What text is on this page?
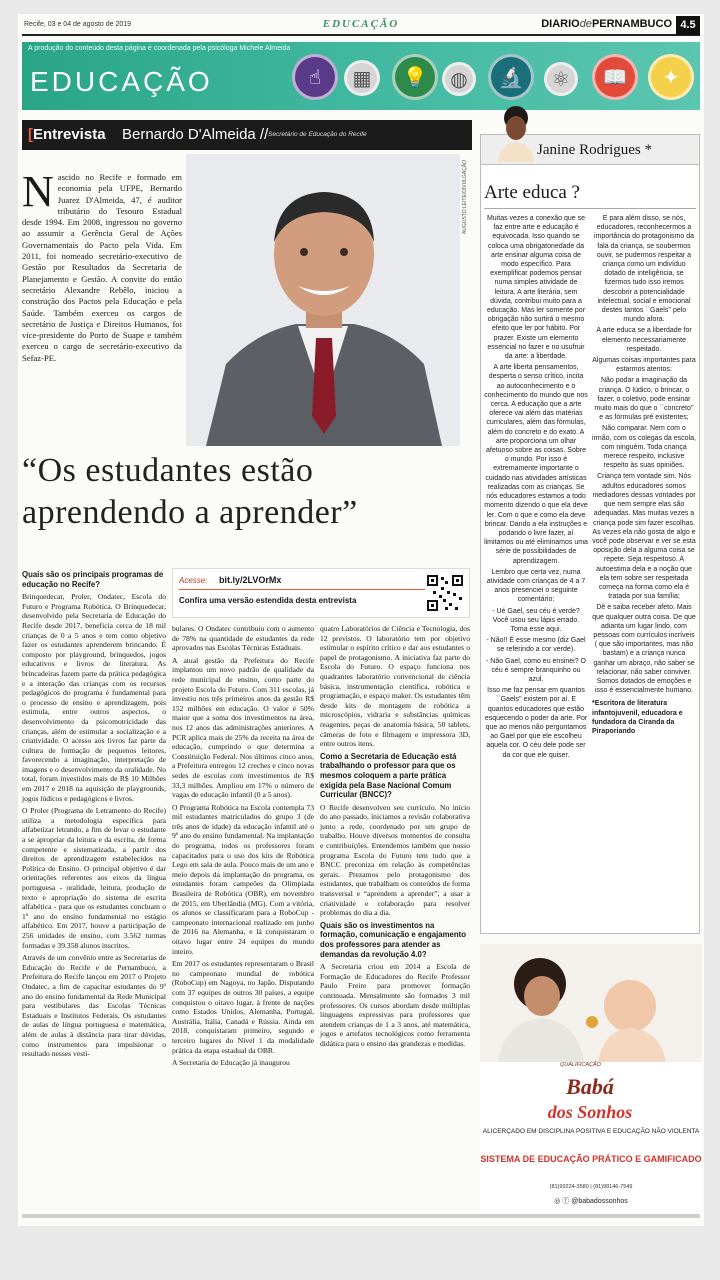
Recife, 03 e 04 de agosto de 2019	EDUCAÇÃO	DIARIOdePERNAMBUCO 4.5
A produção do conteúdo desta página é coordenada pela psicóloga Michele Almeida
EDUCAÇÃO	☝	▦	💡	◍	🔬	⚛	📖	✦
[Entrevista Bernardo D'Almeida // Secretário de Educação do Recife
Nascido no Recife e formado em economia pela UFPE, Bernardo Juarez D'Almeida, 47, é auditor tributário do Tesouro Estadual desde 1994. Em 2008, ingressou no governo ao assumir a Gerência Geral de Ações Governamentais do Pacto pela Vida. Em 2011, foi nomeado secretário-executivo de Gestão por Resultados da Secretaria de Planejamento e Gestão. A convite do então secretário Alexandre Rebêlo, iniciou a construção dos Pactos pela Educação e pela Saúde. Também exerceu os cargos de secretário de Justiça e Direitos Humanos, foi vice-presidente do Porto de Suape e também exerceu o cargo de secretário-executivo da Sefaz-PE.
AUGUSTO LEITE/DIVULGAÇÃO
“Os estudantes estão aprendendo a aprender”
Acesse: bit.ly/2LVOrMx
Confira uma versão estendida desta entrevista

Quais são os principais programas de educação no Recife?

Brinquedecar, Proler, Ondatec, Escola do Futuro e Programa Robótica. O Brinquedecar, desenvolvido pela Secretaria de Educação do Recife desde 2017, beneficia cerca de 18 mil crianças de 0 a 5 anos e tem como objetivo fazer os estudantes aprenderem brincando. É composto por playground, brinquedos, jogos educativos e livros de literatura. As brincadeiras fazem parte da prática pedagógica e a interação das crianças com os recursos pedagógicos do programa é fundamental para o processo de ensino e aprendizagem, pois estimula, entre outros aspectos, o desenvolvimento da psicomotricidade das crianças, além de estimular a socialização e a criatividade. O acesso aos livros faz parte da cultura de formação de pequenos leitores, favorecendo a imaginação, interpretação de imagens e o desenvolvimento da oralidade. No total, foram investidos mais de R$ 10 Milhões em 2017 e 2018 na aquisição de playgrounds, jogos lúdicos e pedagógicos e livros.

O Proler (Programa de Letramento do Recife) utiliza a metodologia específica para alfabetizar letrando, a fim de levar o estudante a se apropriar da leitura e da escrita, de forma competente e sistematizada, a partir dos direitos de aprendizagem estabelecidos na Política de Ensino. O principal objetivo é dar orientações referentes aos eixos da língua portuguesa - oralidade, leitura, produção de texto e apropriação do sistema de escrita alfabética - para que os estudantes concluam o 1º ano do ensino fundamental no estágio alfabético. Em 2017, houve a participação de 256 unidades de ensino, com 3.562 turmas formadas e 39.358 alunos inscritos.

Através de um convênio entre as Secretarias de Educação do Recife e de Pernambuco, a Prefeitura do Recife lançou em 2017 o Projeto Ondatec, a fim de capacitar estudantes do 9º ano do ensino fundamental da Rede Municipal para vestibulares das Escolas Técnicas Estaduais e Institutos Federais. Os estudantes de aulas de língua portuguesa e matemática, além de aulas à distância para tirar dúvidas, como instrumentos para impulsionar o resultado nesses vesti-

bulares. O Ondatec contribuiu com o aumento de 78% na quantidade de estudantes da rede aprovados nas Escolas Técnicas Estaduais.

A atual gestão da Prefeitura do Recife implantou um novo padrão de qualidade da rede municipal de ensino, como parte do projeto Escola do Futuro. Com 311 escolas, já investiu nos três primeiros anos da gestão R$ 152 milhões em educação. O valor é 50% maior que a soma dos investimentos na área, nos 12 anos das administrações anteriores. A PCR aplica mais de 25% da receita na área de educação, cumprindo o que determina a Constituição Federal. Nos últimos cinco anos, a Prefeitura entregou 12 creches e cinco novas sedes de escolas com investimentos de R$ 33,3 milhões. Ampliou em 17% o número de vagas de educação infantil (0 a 5 anos).

O Programa Robótica na Escola contempla 73 mil estudantes matriculados do grupo 3 (de três anos de idade) da educação infantil até o 9º ano do ensino fundamental. Na implantação do programa, todos os professores foram capacitados para o uso dos kits de Robótica Lego em sala de aula. Pouco mais de um ano e meio depois da implantação do programa, os estudantes foram campeões da Olimpíada Brasileira de Robótica (OBR), em novembro de 2015, em Uberlândia (MG). Com a vitória, os alunos se classificaram para a RoboCup - campeonato internacional realizado em junho de 2016 na Alemanha, e lá conquistaram o oitavo lugar entre 24 equipes do mundo inteiro.

Em 2017 os estudantes representaram o Brasil no campeonato mundial de robótica (RoboCup) em Nagoya, no Japão. Disputando com 37 equipes de outros 30 países, a equipe conquistou o oitavo lugar, à frente de nações como Estados Unidos, Alemanha, Portugal, Austrália, Itália, Canadá e Rússia. Ainda em 2018, conquistaram primeiro, segundo e terceiro lugares do Nível 1 da modalidade prática da etapa estadual da OBR.

A Secretaria de Educação já inaugurou

quatro Laboratórios de Ciência e Tecnologia, dos 12 previstos. O laboratório tem por objetivo estimular o espírito crítico e dar aos estudantes o papel de protagonismo. A iniciativa faz parte do Escola do Futuro. O espaço funciona nos quadrantes laboratório convencional de ciência básica, instrumentação científica, robótica e programação, e espaço maker. Os estudantes têm desde kits de montagem de robótica a microscópios, vidraria e substâncias químicas reagentes, peças de anatomia básica, 50 tablets, câmeras de foto e filmagem e impressora 3D, entre outros itens.

Como a Secretaria de Educação está trabalhando o professor para que os mesmos coloquem a parte prática exigida pela Base Nacional Comum Curricular (BNCC)?

O Recife desenvolveu seu currículo. No início do ano passado, iniciamos a revisão colaborativa junto a rede, coordenado por um grupo de trabalho. Houve diversos momentos de consulta e contribuições. Entendemos também que nosso programa Escola do Futuro tem tudo que a BNCC preconiza em relação às competências gerais. Prezamos pelo protagonismo dos estudantes, que trabalham os conteúdos de forma transversal e “aprendem a aprender”, a usar a criatividade e colaboração para resolver problemas do dia a dia.

Quais são os investimentos na formação, comunicação e engajamento dos professores para atender as demandas da revolução 4.0?

A Secretaria criou em 2014 a Escola de Formação de Educadores do Recife Professor Paulo Freire para promover formação continuada. Mensalmente são formados 3 mil professores. Os cursos abordam desde múltiplas linguagens expressivas para professores que atendem crianças de 1 a 3 anos, até matemática, jogos e artefatos tecnológicos como ferramenta didática para o ensino das grandezas e medidas.

Janine Rodrigues *
Arte educa ?

Muitas vezes a conexão que se faz entre arte e educação é equivocada. Isso quando se coloca uma obrigatoriedade da arte ensinar alguma coisa de modo específico. Para exemplificar podemos pensar numa simples atividade de leitura. A arte literária, sem dúvida, contribui muito para a educação. Mas ler somente por obrigação não surtirá o mesmo efeito que ler por hábito. Por prazer. Existe um elemento essencial no fazer e no usufruir da arte: a liberdade.

A arte liberta pensamentos, desperta o senso crítico, incita ao autoconhecimento e o conhecimento do mundo que nos cerca. A educação que a arte oferece vai além das matérias curriculares, além das fórmulas, além do concreto e do exato. A arte proporciona um olhar afetuoso sobre as coisas. Sobre o mundo. Por isso é extremamente importante o cuidado nas atividades artísticas realizadas com as crianças. Se nós educadores estamos a todo momento dizendo o que ela deve ler. Com o que e como ela deve brincar. Dando a ela instruções e podando o livre fazer, aí limitamos ou até eliminamos uma série de possibilidades de aprendizagem.

Lembro que certa vez, numa atividade com crianças de 4 a 7 anos presenciei o seguinte comentário:

- Ué Gael, seu céu é verde? Você usou seu lápis errado. Toma esse aqui.

- Não!! É esse mesmo (diz Gael se referindo a cor verde).

- Não Gael, como eu ensinei? O céu é sempre branquinho ou azul.

Isso me faz pensar em quantos ``Gaels'' existem por aí. E quantos educadores que estão esquecendo o poder da arte. Por que ao menos não perguntamos ao Gael por que ele escolheu aquela cor. O céu dele pode ser da cor que ele quiser.

E para além disso, se nós, educadores, reconhecermos a importância do protagonismo da fala da criança, se soubermos ouvir, se pudermos respeitar a criança como um indivíduo dotado de inteligência, se fizermos tudo isso iremos descobrir a potencialidade intelectual, social e emocional destes tantos ``Gaels'' pelo mundo afora.

A arte educa se a liberdade for elemento necessariamente respeitado.

Algumas coisas importantes para estarmos atentos:

Não podar a imaginação da criança. O lúdico, o brincar, o fazer, o coletivo, pode ensinar muito mais do que o ``concreto'' e as fórmulas pré existentes;

Não comparar. Nem com o irmão, com os colegas da escola, com ninguém. Toda criança merece respeito, inclusive respeito às suas opiniões.

Criança tem vontade sim. Nós adultos educadores somos mediadores dessas vontades por que nem sempre elas são adequadas. Mas muitas vezes a criança pode sim fazer escolhas. As vezes ela não gosta de algo e você pode observar e ver se esta oposição dela a alguma coisa se repete. Seja respeitoso. A autoestima dela e a noção que ela tem sobre ser respeitada começa na forma como ela é tratada por sua família;

Dê e saiba receber afeto. Mais que qualquer outra coisa. De que adianta um lugar lindo, com pessoas com currículos incríveis ( que são importantes, mas não bastam) e a criança nunca ganhar um abraço, não saber se relacionar, não saber conviver. Somos dotados de emoções e isso é essencialmente humano.

*Escritora de literatura infantojuvenil, educadora e fundadora da Ciranda da Piraporiando

QUALIFICAÇÃO
Babá
dos Sonhos
ALICERÇADO EM DISCIPLINA POSITIVA E EDUCAÇÃO NÃO VIOLENTA
SISTEMA DE EDUCAÇÃO PRÁTICO E GAMIFICADO
(81)99224-3580 | (81)98146-7549
◎ ⓕ @babadossonhos
